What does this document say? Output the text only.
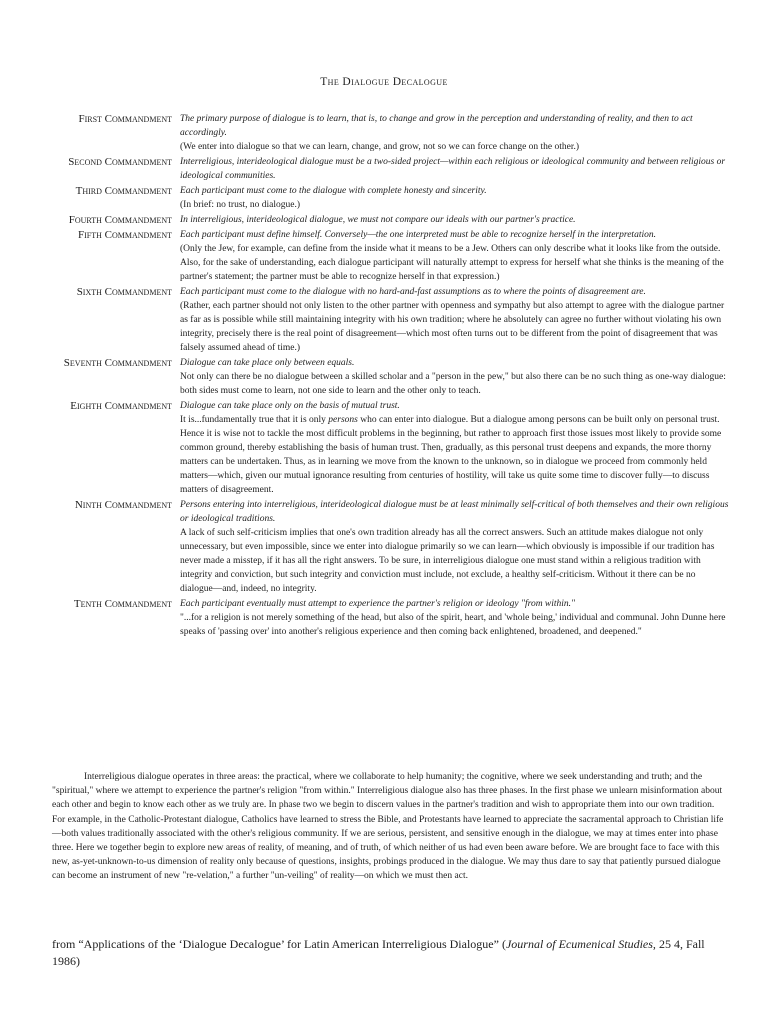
The Dialogue Decalogue
First Commandment The primary purpose of dialogue is to learn, that is, to change and grow in the perception and understanding of reality, and then to act accordingly.
(We enter into dialogue so that we can learn, change, and grow, not so we can force change on the other.)
Second Commandment Interreligious, interideological dialogue must be a two-sided project—within each religious or ideological community and between religious or ideological communities.
Third Commandment Each participant must come to the dialogue with complete honesty and sincerity.
(In brief: no trust, no dialogue.)
Fourth Commandment In interreligious, interideological dialogue, we must not compare our ideals with our partner's practice.
Fifth Commandment Each participant must define himself. Conversely—the one interpreted must be able to recognize herself in the interpretation.
(Only the Jew, for example, can define from the inside what it means to be a Jew. Others can only describe what it looks like from the outside. Also, for the sake of understanding, each dialogue participant will naturally attempt to express for herself what she thinks is the meaning of the partner's statement; the partner must be able to recognize herself in that expression.)
Sixth Commandment Each participant must come to the dialogue with no hard-and-fast assumptions as to where the points of disagreement are.
(Rather, each partner should not only listen to the other partner with openness and sympathy but also attempt to agree with the dialogue partner as far as is possible while still maintaining integrity with his own tradition; where he absolutely can agree no further without violating his own integrity, precisely there is the real point of disagreement—which most often turns out to be different from the point of disagreement that was falsely assumed ahead of time.)
Seventh Commandment Dialogue can take place only between equals.
Not only can there be no dialogue between a skilled scholar and a "person in the pew," but also there can be no such thing as one-way dialogue: both sides must come to learn, not one side to learn and the other only to teach.
Eighth Commandment Dialogue can take place only on the basis of mutual trust.
It is...fundamentally true that it is only persons who can enter into dialogue. But a dialogue among persons can be built only on personal trust. Hence it is wise not to tackle the most difficult problems in the beginning, but rather to approach first those issues most likely to provide some common ground, thereby establishing the basis of human trust. Then, gradually, as this personal trust deepens and expands, the more thorny matters can be undertaken. Thus, as in learning we move from the known to the unknown, so in dialogue we proceed from commonly held matters—which, given our mutual ignorance resulting from centuries of hostility, will take us quite some time to discover fully—to discuss matters of disagreement.
Ninth Commandment Persons entering into interreligious, interideological dialogue must be at least minimally self-critical of both themselves and their own religious or ideological traditions.
A lack of such self-criticism implies that one's own tradition already has all the correct answers. Such an attitude makes dialogue not only unnecessary, but even impossible, since we enter into dialogue primarily so we can learn—which obviously is impossible if our tradition has never made a misstep, if it has all the right answers. To be sure, in interreligious dialogue one must stand within a religious tradition with integrity and conviction, but such integrity and conviction must include, not exclude, a healthy self-criticism. Without it there can be no dialogue—and, indeed, no integrity.
Tenth Commandment Each participant eventually must attempt to experience the partner's religion or ideology "from within."
"...for a religion is not merely something of the head, but also of the spirit, heart, and 'whole being,' individual and communal. John Dunne here speaks of 'passing over' into another's religious experience and then coming back enlightened, broadened, and deepened."

Interreligious dialogue operates in three areas: the practical, where we collaborate to help humanity; the cognitive, where we seek understanding and truth; and the "spiritual," where we attempt to experience the partner's religion "from within." Interreligious dialogue also has three phases. In the first phase we unlearn misinformation about each other and begin to know each other as we truly are. In phase two we begin to discern values in the partner's tradition and wish to appropriate them into our own tradition. For example, in the Catholic-Protestant dialogue, Catholics have learned to stress the Bible, and Protestants have learned to appreciate the sacramental approach to Christian life—both values traditionally associated with the other's religious community. If we are serious, persistent, and sensitive enough in the dialogue, we may at times enter into phase three. Here we together begin to explore new areas of reality, of meaning, and of truth, of which neither of us had even been aware before. We are brought face to face with this new, as-yet-unknown-to-us dimension of reality only because of questions, insights, probings produced in the dialogue. We may thus dare to say that patiently pursued dialogue can become an instrument of new "re-velation," a further "un-veiling" of reality—on which we must then act.

from “Applications of the ‘Dialogue Decalogue’ for Latin American Interreligious Dialogue” (Journal of Ecumenical Studies, 25 4, Fall 1986)
